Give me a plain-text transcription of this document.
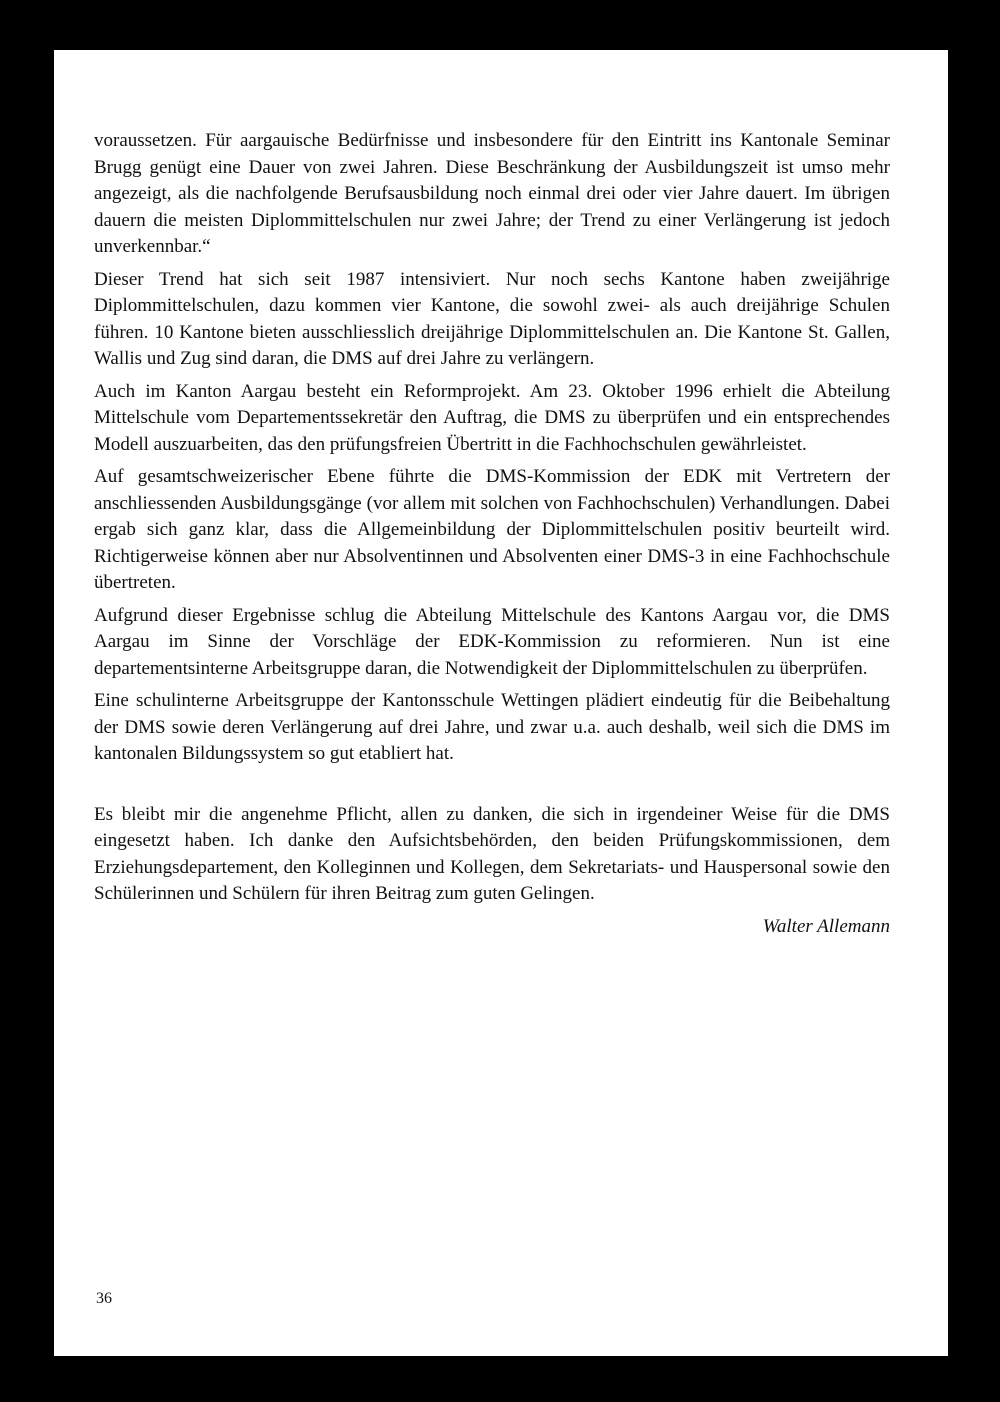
voraussetzen. Für aargauische Bedürfnisse und insbesondere für den Eintritt ins Kantonale Seminar Brugg genügt eine Dauer von zwei Jahren. Diese Beschränkung der Ausbildungszeit ist umso mehr angezeigt, als die nachfolgende Berufsausbildung noch einmal drei oder vier Jahre dauert. Im übrigen dauern die meisten Diplommittelschulen nur zwei Jahre; der Trend zu einer Verlängerung ist jedoch unverkennbar.“

Dieser Trend hat sich seit 1987 intensiviert. Nur noch sechs Kantone haben zweijährige Diplommittelschulen, dazu kommen vier Kantone, die sowohl zwei- als auch dreijährige Schulen führen. 10 Kantone bieten ausschliesslich dreijährige Diplommittelschulen an. Die Kantone St. Gallen, Wallis und Zug sind daran, die DMS auf drei Jahre zu verlängern.

Auch im Kanton Aargau besteht ein Reformprojekt. Am 23. Oktober 1996 erhielt die Abteilung Mittelschule vom Departementssekretär den Auftrag, die DMS zu überprüfen und ein entsprechendes Modell auszuarbeiten, das den prüfungsfreien Übertritt in die Fachhochschulen gewährleistet.

Auf gesamtschweizerischer Ebene führte die DMS-Kommission der EDK mit Vertretern der anschliessenden Ausbildungsgänge (vor allem mit solchen von Fachhochschulen) Verhandlungen. Dabei ergab sich ganz klar, dass die Allgemeinbildung der Diplommittelschulen positiv beurteilt wird. Richtigerweise können aber nur Absolventinnen und Absolventen einer DMS-3 in eine Fachhochschule übertreten.

Aufgrund dieser Ergebnisse schlug die Abteilung Mittelschule des Kantons Aargau vor, die DMS Aargau im Sinne der Vorschläge der EDK-Kommission zu reformieren. Nun ist eine departementsinterne Arbeitsgruppe daran, die Notwendigkeit der Diplommittelschulen zu überprüfen.

Eine schulinterne Arbeitsgruppe der Kantonsschule Wettingen plädiert eindeutig für die Beibehaltung der DMS sowie deren Verlängerung auf drei Jahre, und zwar u.a. auch deshalb, weil sich die DMS im kantonalen Bildungssystem so gut etabliert hat.

Es bleibt mir die angenehme Pflicht, allen zu danken, die sich in irgendeiner Weise für die DMS eingesetzt haben. Ich danke den Aufsichtsbehörden, den beiden Prüfungskommissionen, dem Erziehungsdepartement, den Kolleginnen und Kollegen, dem Sekretariats- und Hauspersonal sowie den Schülerinnen und Schülern für ihren Beitrag zum guten Gelingen.

Walter Allemann
36
